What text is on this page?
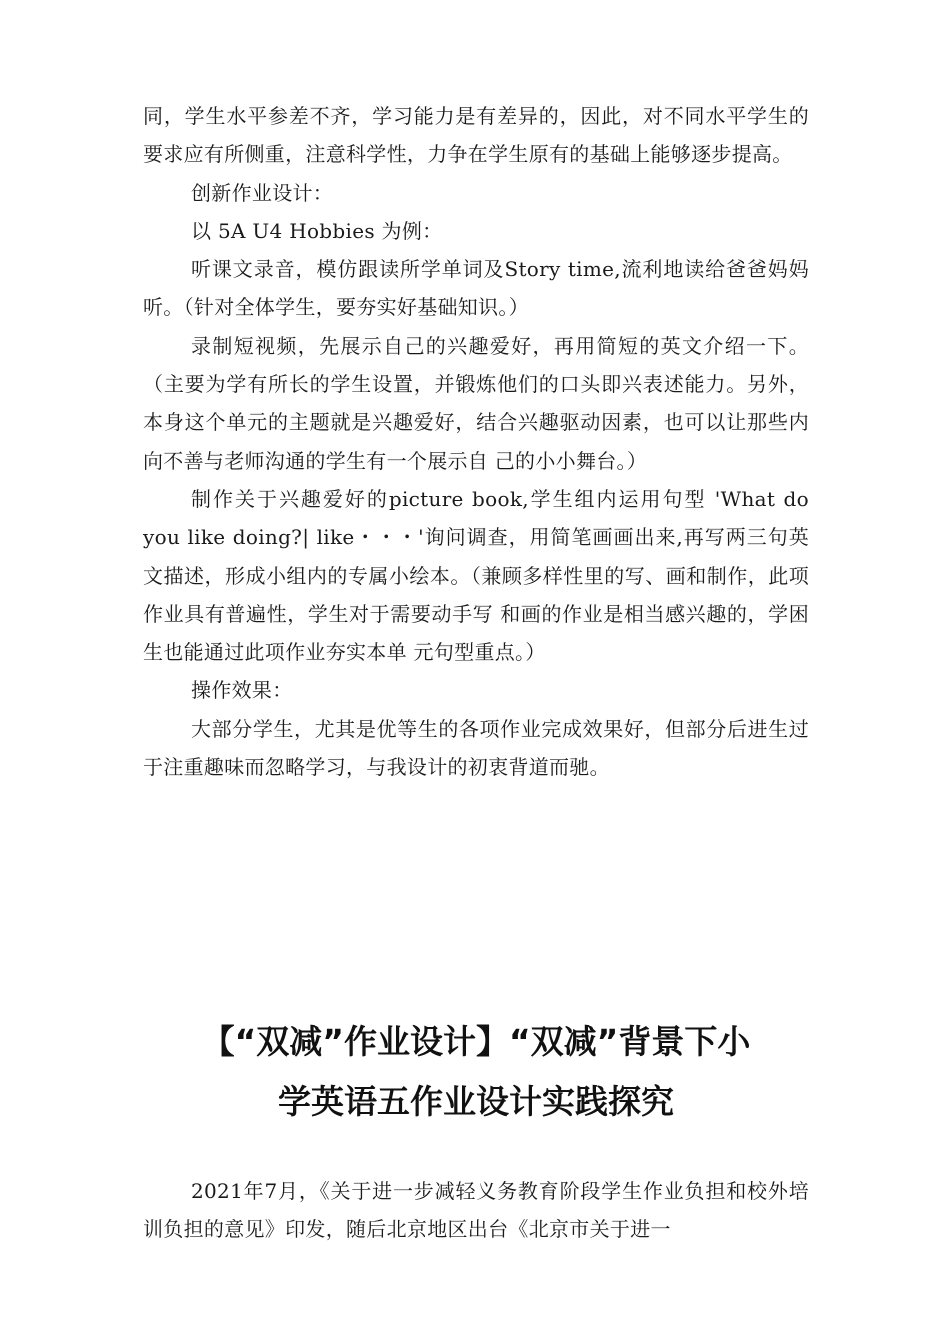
同，学生水平参差不齐，学习能力是有差异的，因此，对不同水平学生的要求应有所侧重，注意科学性，力争在学生原有的基础上能够逐步提高。

创新作业设计：

以 5A U4 Hobbies 为例：

听课文录音，模仿跟读所学单词及Story time,流利地读给爸爸妈妈听。（针对全体学生，要夯实好基础知识。）

录制短视频，先展示自己的兴趣爱好，再用简短的英文介绍一下。（主要为学有所长的学生设置，并锻炼他们的口头即兴表述能力。另外，本身这个单元的主题就是兴趣爱好，结合兴趣驱动因素，也可以让那些内向不善与老师沟通的学生有一个展示自 己的小小舞台。）

制作关于兴趣爱好的picture book,学生组内运用句型 'What do you like doing?| like・・・'询问调查，用简笔画画出来,再写两三句英文描述，形成小组内的专属小绘本。（兼顾多样性里的写、画和制作，此项作业具有普遍性，学生对于需要动手写 和画的作业是相当感兴趣的，学困生也能通过此项作业夯实本单 元句型重点。）

操作效果：

大部分学生，尤其是优等生的各项作业完成效果好，但部分后进生过于注重趣味而忽略学习，与我设计的初衷背道而驰。

【“双减”作业设计】“双减”背景下小
学英语五作业设计实践探究

2021年7月，《关于进一步减轻义务教育阶段学生作业负担和校外培训负担的意见》印发，随后北京地区出台《北京市关于进一
